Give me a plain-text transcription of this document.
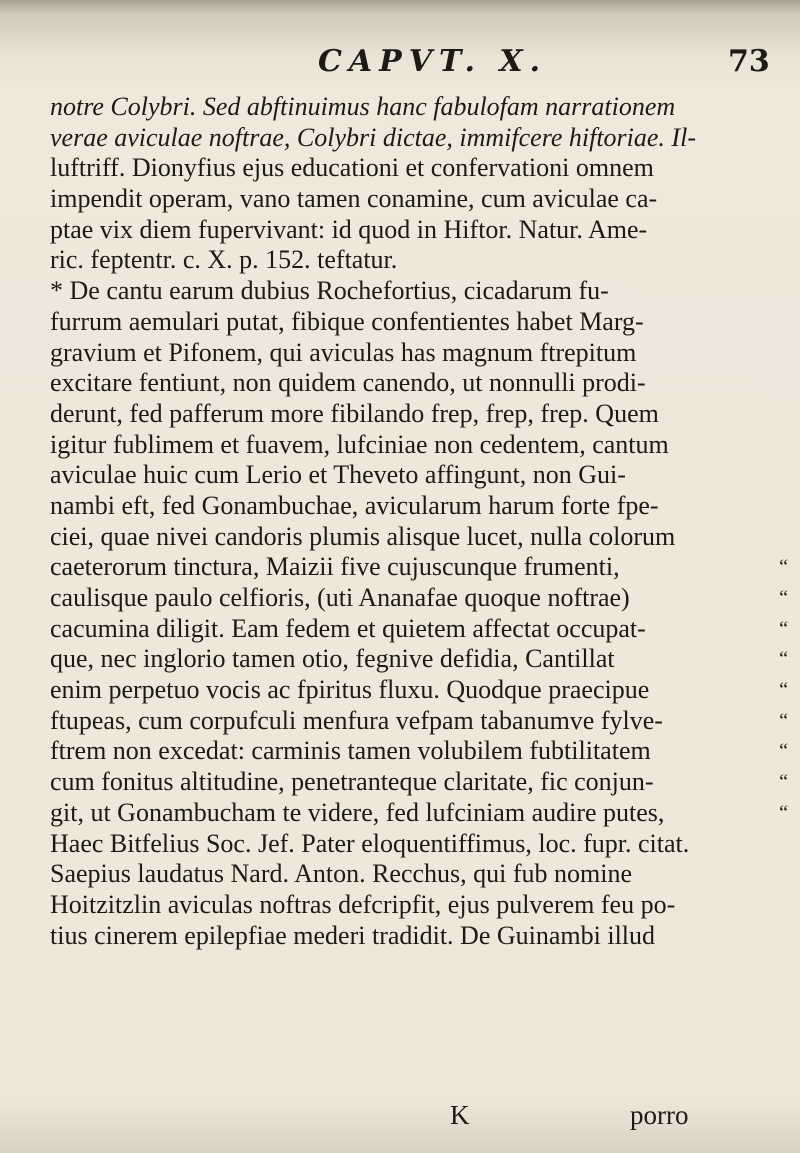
CAPVT. X.	73
notre Colybri. Sed abftinuimus hanc fabulofam narrationem
verae aviculae noftrae, Colybri dictae, immifcere hiftoriae. Il-
luftriff. Dionyfius ejus educationi et confervationi omnem
impendit operam, vano tamen conamine, cum aviculae ca-
ptae vix diem fupervivant: id quod in Hiftor. Natur. Ame-
ric. feptentr. c. X. p. 152. teftatur.
* De cantu earum dubius Rochefortius, cicadarum fu-
furrum aemulari putat, fibique confentientes habet Marg-
gravium et Pifonem, qui aviculas has magnum ftrepitum
excitare fentiunt, non quidem canendo, ut nonnulli prodi-
derunt, fed pafferum more fibilando frep, frep, frep. Quem
igitur fublimem et fuavem, lufciniae non cedentem, cantum
aviculae huic cum Lerio et Theveto affingunt, non Gui-
nambi eft, fed Gonambuchae, avicularum harum forte fpe-
ciei, quae nivei candoris plumis alisque lucet, nulla colorum
caeterorum tinctura, Maizii five cujuscunque frumenti,	“
caulisque paulo celfioris, (uti Ananafae quoque noftrae)	“
cacumina diligit. Eam fedem et quietem affectat occupat-	“
que, nec inglorio tamen otio, fegnive defidia, Cantillat	“
enim perpetuo vocis ac fpiritus fluxu. Quodque praecipue	“
ftupeas, cum corpufculi menfura vefpam tabanumve fylve-	“
ftrem non excedat: carminis tamen volubilem fubtilitatem	“
cum fonitus altitudine, penetranteque claritate, fic conjun-	“
git, ut Gonambucham te videre, fed lufciniam audire putes,	“
Haec Bitfelius Soc. Jef. Pater eloquentiffimus, loc. fupr. citat.
Saepius laudatus Nard. Anton. Recchus, qui fub nomine
Hoitzitzlin aviculas noftras defcripfit, ejus pulverem feu po-
tius cinerem epilepfiae mederi tradidit. De Guinambi illud
K	porro
